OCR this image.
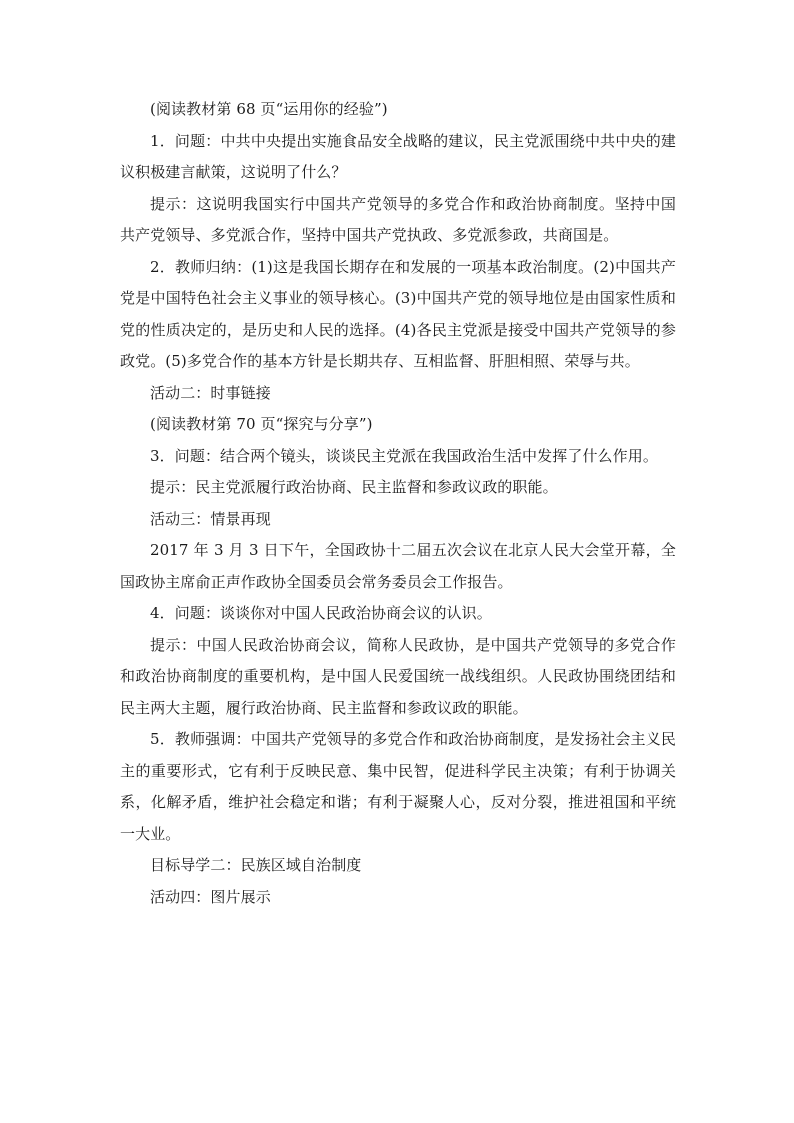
(阅读教材第 68 页“运用你的经验”)

1．问题：中共中央提出实施食品安全战略的建议，民主党派围绕中共中央的建议积极建言献策，这说明了什么？

提示：这说明我国实行中国共产党领导的多党合作和政治协商制度。坚持中国共产党领导、多党派合作，坚持中国共产党执政、多党派参政，共商国是。

2．教师归纳：(1)这是我国长期存在和发展的一项基本政治制度。(2)中国共产党是中国特色社会主义事业的领导核心。(3)中国共产党的领导地位是由国家性质和党的性质决定的，是历史和人民的选择。(4)各民主党派是接受中国共产党领导的参政党。(5)多党合作的基本方针是长期共存、互相监督、肝胆相照、荣辱与共。

活动二：时事链接

(阅读教材第 70 页“探究与分享”)

3．问题：结合两个镜头，谈谈民主党派在我国政治生活中发挥了什么作用。

提示：民主党派履行政治协商、民主监督和参政议政的职能。

活动三：情景再现

2017 年 3 月 3 日下午，全国政协十二届五次会议在北京人民大会堂开幕，全国政协主席俞正声作政协全国委员会常务委员会工作报告。

4．问题：谈谈你对中国人民政治协商会议的认识。

提示：中国人民政治协商会议，简称人民政协，是中国共产党领导的多党合作和政治协商制度的重要机构，是中国人民爱国统一战线组织。人民政协围绕团结和民主两大主题，履行政治协商、民主监督和参政议政的职能。

5．教师强调：中国共产党领导的多党合作和政治协商制度，是发扬社会主义民主的重要形式，它有利于反映民意、集中民智，促进科学民主决策；有利于协调关系，化解矛盾，维护社会稳定和谐；有利于凝聚人心，反对分裂，推进祖国和平统一大业。

目标导学二：民族区域自治制度

活动四：图片展示
